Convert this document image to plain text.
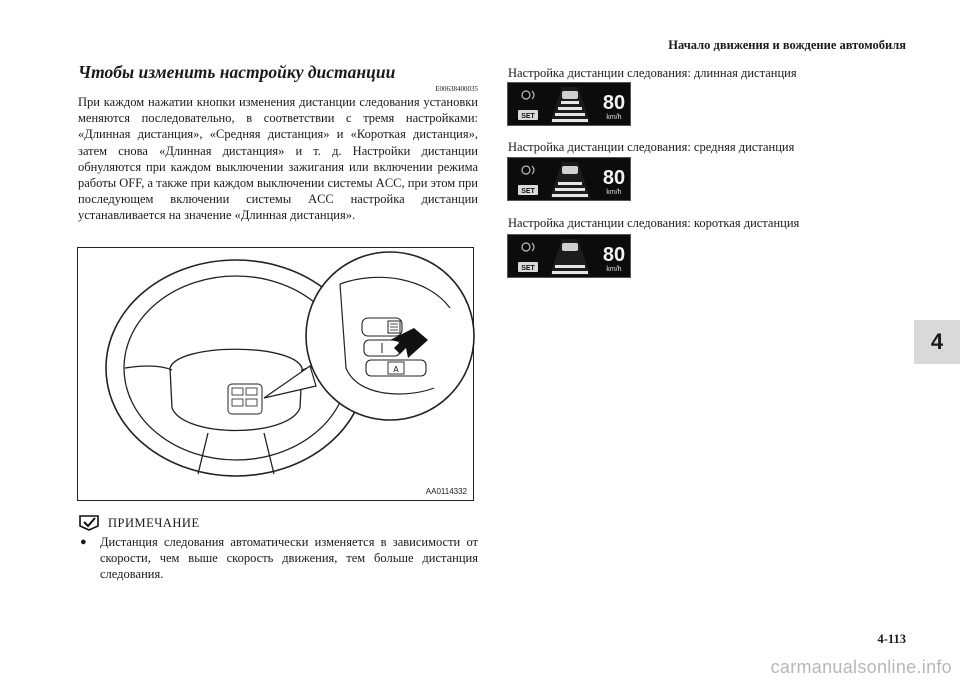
Начало движения и вождение автомобиля
Чтобы изменить настройку дистанции
E00638400035
При каждом нажатии кнопки изменения дистанции следования установки меняются последовательно, в соответствии с тремя настройками: «Длинная дистанция», «Средняя дистанция» и «Короткая дистанция», затем снова «Длинная дистанция» и т. д. Настройки дистанции обнуляются при каждом выключении зажигания или включении режима работы OFF, а также при каждом выключении системы ACC, при этом при последующем включении системы ACC настройка дистанции устанавливается на значение «Длинная дистанция».
A
AA0114332
ПРИМЕЧАНИЕ
● Дистанция следования автоматически изменяется в зависимости от скорости, чем выше скорость движения, тем больше дистанция следования.
Настройка дистанции следования: длинная дистанция
SET
80
km/h
Настройка дистанции следования: средняя дистанция
SET
80
km/h
Настройка дистанции следования: короткая дистанция
SET
80
km/h
4
4-113
carmanualsonline.info
